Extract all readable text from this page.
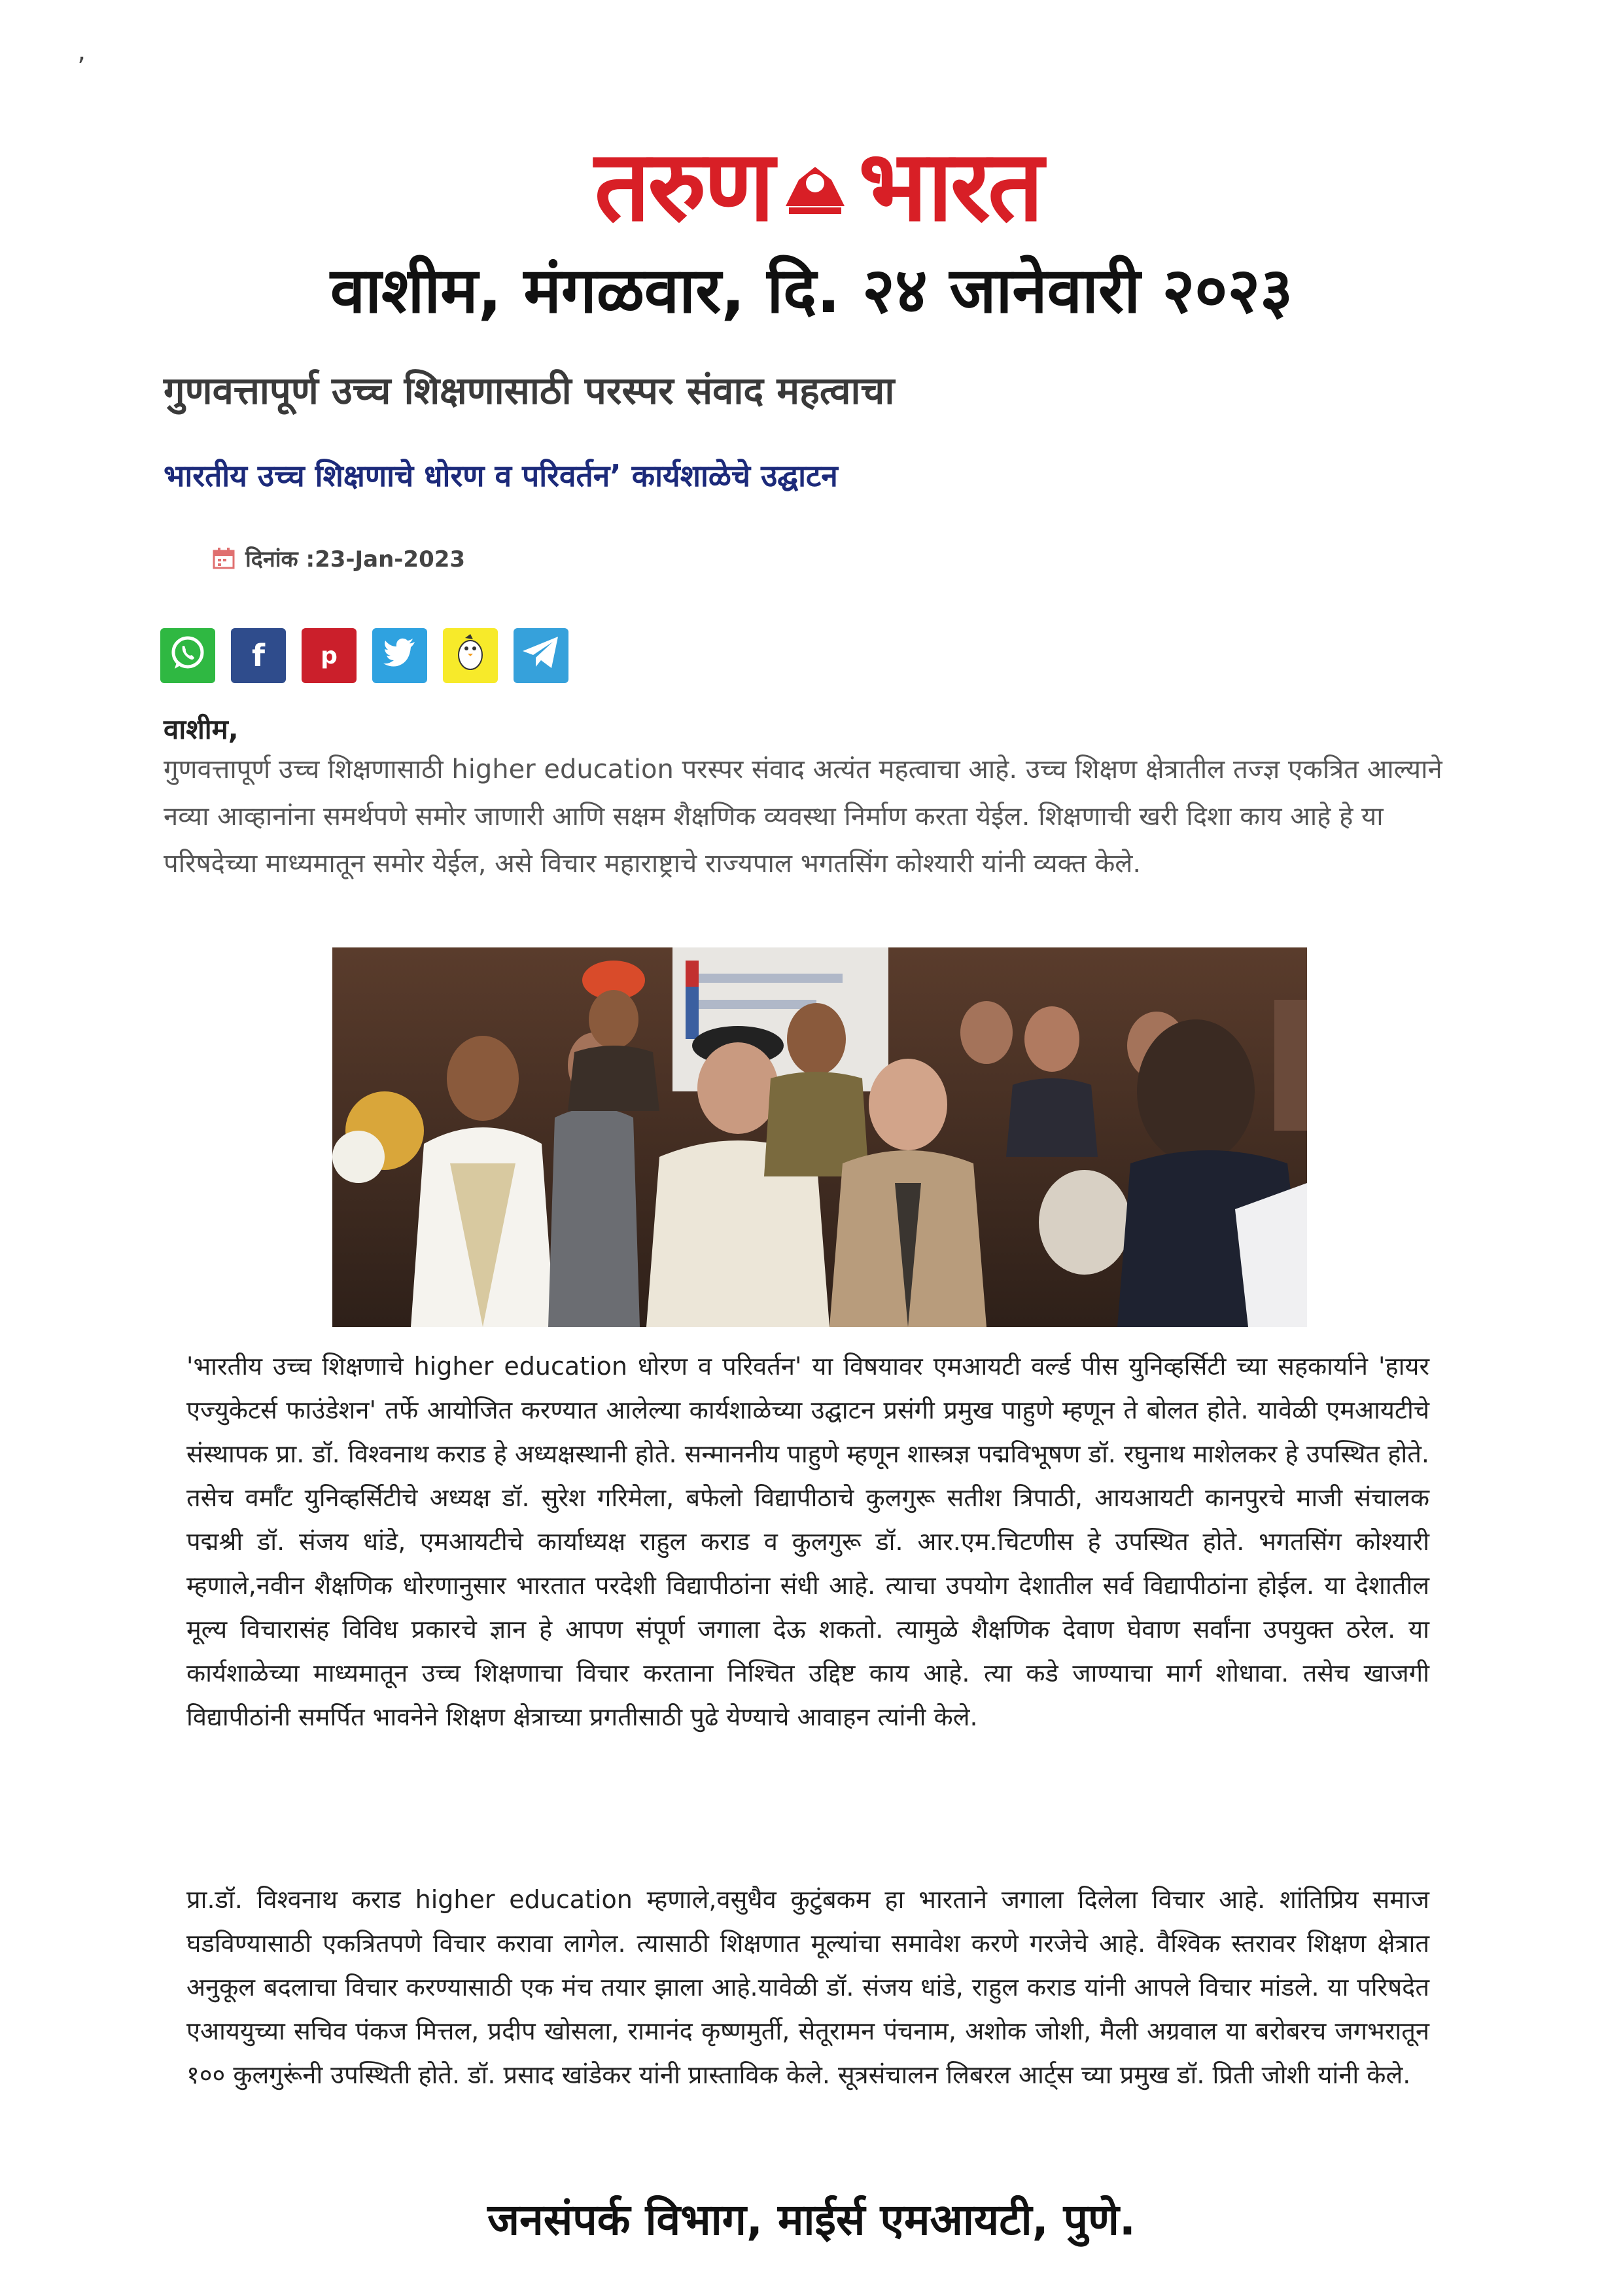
’
तरुण भारत
वाशीम, मंगळवार, दि. २४ जानेवारी २०२३
गुणवत्तापूर्ण उच्च शिक्षणासाठी परस्पर संवाद महत्वाचा
भारतीय उच्च शिक्षणाचे धोरण व परिवर्तन’ कार्यशाळेचे उद्घाटन
दिनांक :23-Jan-2023
f p
वाशीम,
गुणवत्तापूर्ण उच्च शिक्षणासाठी higher education परस्पर संवाद अत्यंत महत्वाचा आहे. उच्च शिक्षण क्षेत्रातील तज्ज्ञ एकत्रित आल्याने नव्या आव्हानांना समर्थपणे समोर जाणारी आणि सक्षम शैक्षणिक व्यवस्था निर्माण करता येईल. शिक्षणाची खरी दिशा काय आहे हे या परिषदेच्या माध्यमातून समोर येईल, असे विचार महाराष्ट्राचे राज्यपाल भगतसिंग कोश्यारी यांनी व्यक्त केले.
'भारतीय उच्च शिक्षणाचे higher education धोरण व परिवर्तन' या विषयावर एमआयटी वर्ल्ड पीस युनिव्हर्सिटी च्या सहकार्याने 'हायर एज्युकेटर्स फाउंडेशन' तर्फे आयोजित करण्यात आलेल्या कार्यशाळेच्या उद्घाटन प्रसंगी प्रमुख पाहुणे म्हणून ते बोलत होते. यावेळी एमआयटीचे संस्थापक प्रा. डॉ. विश्वनाथ कराड हे अध्यक्षस्थानी होते. सन्माननीय पाहुणे म्हणून शास्त्रज्ञ पद्मविभूषण डॉ. रघुनाथ माशेलकर हे उपस्थित होते. तसेच वर्माँट युनिव्हर्सिटीचे अध्यक्ष डॉ. सुरेश गरिमेला, बफेलो विद्यापीठाचे कुलगुरू सतीश त्रिपाठी, आयआयटी कानपुरचे माजी संचालक पद्मश्री डॉ. संजय धांडे, एमआयटीचे कार्याध्यक्ष राहुल कराड व कुलगुरू डॉ. आर.एम.चिटणीस हे उपस्थित होते. भगतसिंग कोश्यारी म्हणाले,नवीन शैक्षणिक धोरणानुसार भारतात परदेशी विद्यापीठांना संधी आहे. त्याचा उपयोग देशातील सर्व विद्यापीठांना होईल. या देशातील मूल्य विचारासंह विविध प्रकारचे ज्ञान हे आपण संपूर्ण जगाला देऊ शकतो. त्यामुळे शैक्षणिक देवाण घेवाण सर्वांना उपयुक्त ठरेल. या कार्यशाळेच्या माध्यमातून उच्च शिक्षणाचा विचार करताना निश्चित उद्दिष्ट काय आहे. त्या कडे जाण्याचा मार्ग शोधावा. तसेच खाजगी विद्यापीठांनी समर्पित भावनेने शिक्षण क्षेत्राच्या प्रगतीसाठी पुढे येण्याचे आवाहन त्यांनी केले.
प्रा.डॉ. विश्वनाथ कराड higher education म्हणाले,वसुधैव कुटुंबकम हा भारताने जगाला दिलेला विचार आहे. शांतिप्रिय समाज घडविण्यासाठी एकत्रितपणे विचार करावा लागेल. त्यासाठी शिक्षणात मूल्यांचा समावेश करणे गरजेचे आहे. वैश्विक स्तरावर शिक्षण क्षेत्रात अनुकूल बदलाचा विचार करण्यासाठी एक मंच तयार झाला आहे.यावेळी डॉ. संजय धांडे, राहुल कराड यांनी आपले विचार मांडले. या परिषदेत एआययुच्या सचिव पंकज मित्तल, प्रदीप खोसला, रामानंद कृष्णमुर्ती, सेतूरामन पंचनाम, अशोक जोशी, मैली अग्रवाल या बरोबरच जगभरातून १०० कुलगुरूंनी उपस्थिती होते. डॉ. प्रसाद खांडेकर यांनी प्रास्ताविक केले. सूत्रसंचालन लिबरल आर्ट्स च्या प्रमुख डॉ. प्रिती जोशी यांनी केले.
जनसंपर्क विभाग, माईर्स एमआयटी, पुणे.
